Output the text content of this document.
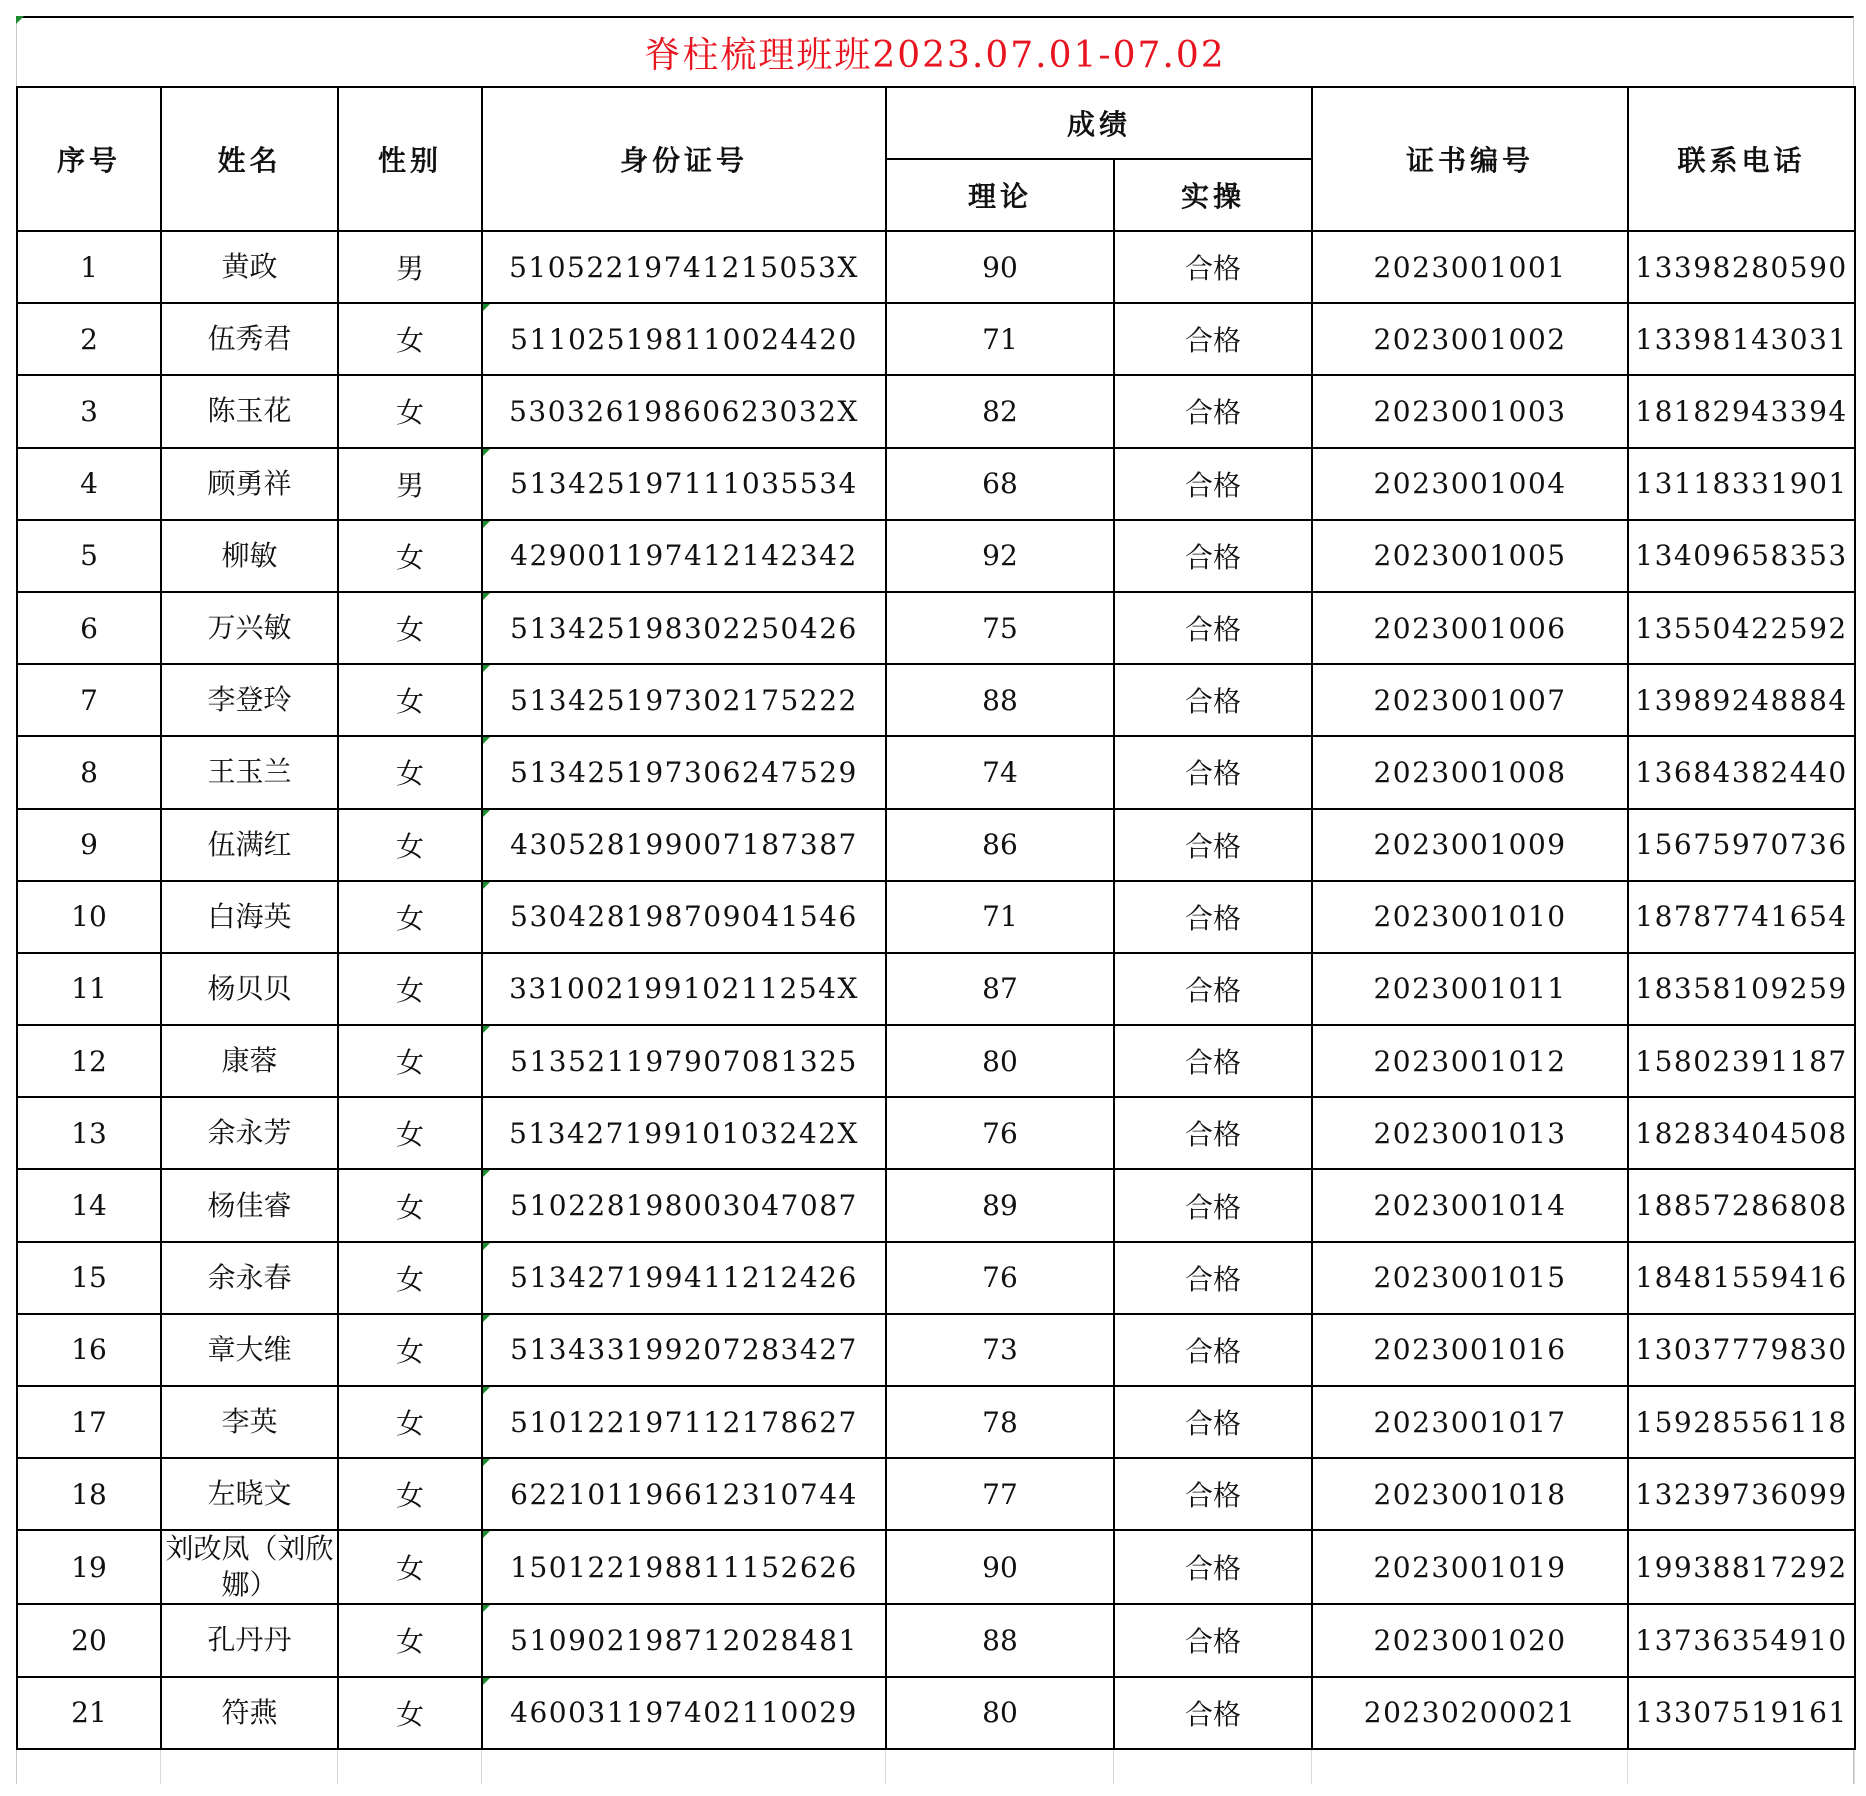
脊柱梳理班班2023.07.01-07.02
序号	姓名	性别	身份证号	成绩		证书编号	联系电话
				理论	实操		
1	黄政	男	51052219741215053X	90	合格	2023001001	13398280590
2	伍秀君	女	511025198110024420	71	合格	2023001002	13398143031
3	陈玉花	女	53032619860623032X	82	合格	2023001003	18182943394
4	顾勇祥	男	513425197111035534	68	合格	2023001004	13118331901
5	柳敏	女	429001197412142342	92	合格	2023001005	13409658353
6	万兴敏	女	513425198302250426	75	合格	2023001006	13550422592
7	李登玲	女	513425197302175222	88	合格	2023001007	13989248884
8	王玉兰	女	513425197306247529	74	合格	2023001008	13684382440
9	伍满红	女	430528199007187387	86	合格	2023001009	15675970736
10	白海英	女	530428198709041546	71	合格	2023001010	18787741654
11	杨贝贝	女	33100219910211254X	87	合格	2023001011	18358109259
12	康蓉	女	513521197907081325	80	合格	2023001012	15802391187
13	余永芳	女	51342719910103242X	76	合格	2023001013	18283404508
14	杨佳睿	女	510228198003047087	89	合格	2023001014	18857286808
15	余永春	女	513427199411212426	76	合格	2023001015	18481559416
16	章大维	女	513433199207283427	73	合格	2023001016	13037779830
17	李英	女	510122197112178627	78	合格	2023001017	15928556118
18	左晓文	女	622101196612310744	77	合格	2023001018	13239736099
19	刘改凤（刘欣娜）	女	150122198811152626	90	合格	2023001019	19938817292
20	孔丹丹	女	510902198712028481	88	合格	2023001020	13736354910
21	符燕	女	460031197402110029	80	合格	20230200021	13307519161
